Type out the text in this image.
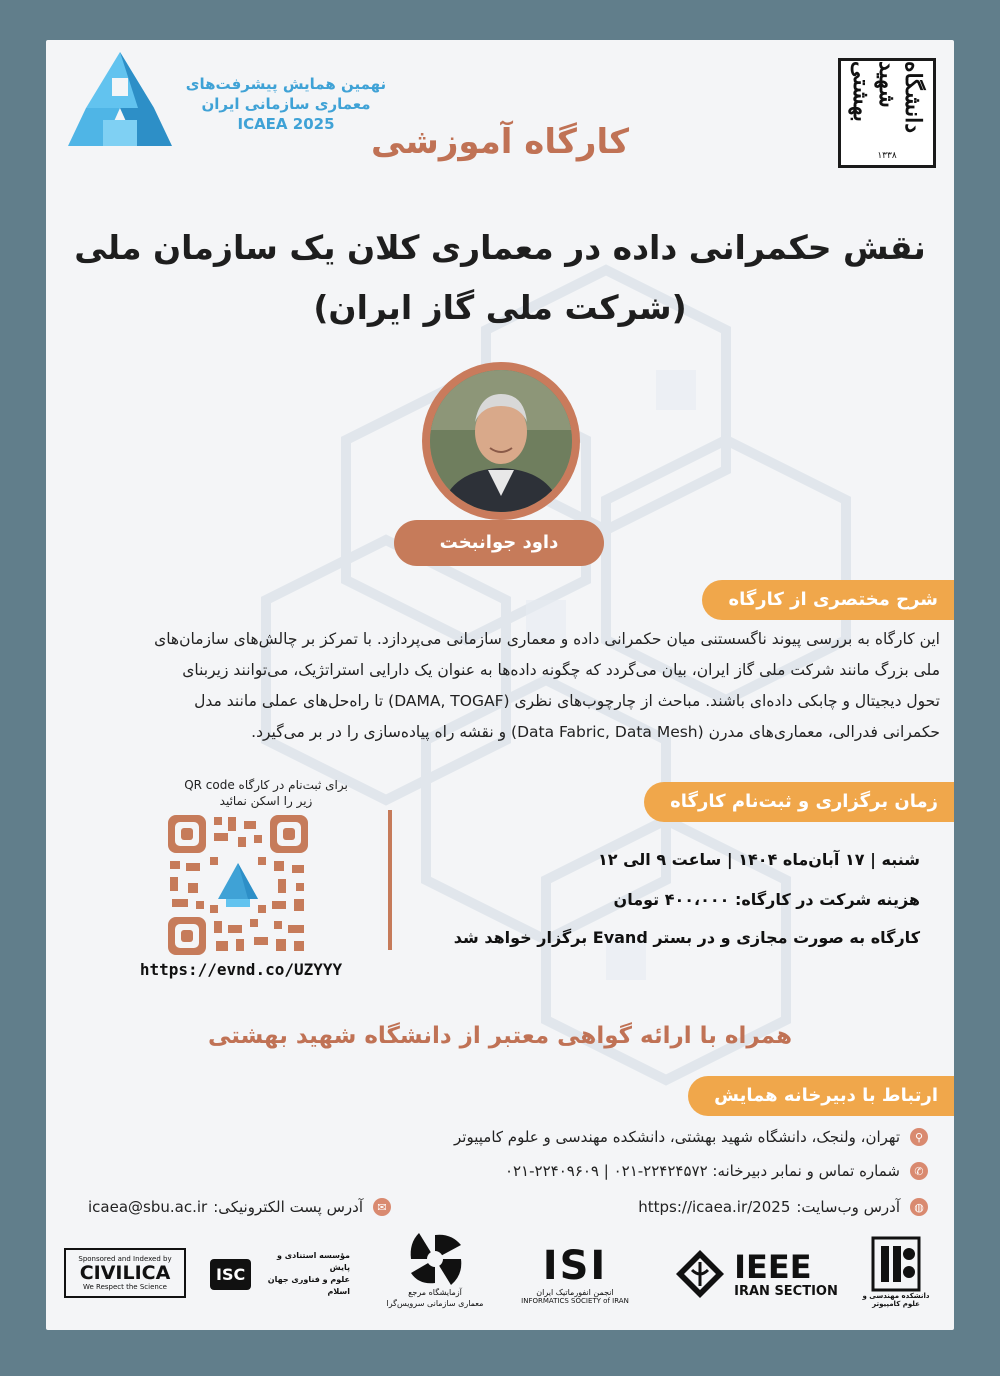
نهمین همایش پیشرفت‌های
معماری سازمانی ایران
ICAEA 2025	دانشگاه شهید بهشتی
۱۳۳۸
کارگاه آموزشی
نقش حکمرانی داده در معماری کلان یک سازمان ملی
(شرکت ملی گاز ایران)
داود جوانبخت
شرح مختصری از کارگاه
این کارگاه به بررسی پیوند ناگسستنی میان حکمرانی داده و معماری سازمانی می‌پردازد. با تمرکز بر چالش‌های سازمان‌های
ملی بزرگ مانند شرکت ملی گاز ایران، بیان می‌گردد که چگونه داده‌ها به عنوان یک دارایی استراتژیک، می‌توانند زیربنای
تحول دیجیتال و چابکی داده‌ای باشند. مباحث از چارچوب‌های نظری (DAMA, TOGAF) تا راه‌حل‌های عملی مانند مدل
حکمرانی فدرالی، معماری‌های مدرن (Data Fabric, Data Mesh) و نقشه راه پیاده‌سازی را در بر می‌گیرد.
زمان برگزاری و ثبت‌نام کارگاه
برای ثبت‌نام در کارگاه QR code
زیر را اسکن نمائید
https://evnd.co/UZYYY
شنبه | ۱۷ آبان‌ماه ۱۴۰۴ | ساعت ۹ الی ۱۲
هزینه شرکت در کارگاه: ۴۰۰،۰۰۰ تومان
کارگاه به صورت مجازی و در بستر Evand برگزار خواهد شد
همراه با ارائه گواهی معتبر از دانشگاه شهید بهشتی
ارتباط با دبیرخانه همایش
⚲
تهران، ولنجک، دانشگاه شهید بهشتی، دانشکده مهندسی و علوم کامپیوتر
✆
شماره تماس و نمابر دبیرخانه: ۲۲۴۲۴۵۷۲-۰۲۱ | ۲۲۴۰۹۶۰۹-۰۲۱
◍
آدرس وب‌سایت:
https://icaea.ir/2025
✉
آدرس پست الکترونیکی:
icaea@sbu.ac.ir
Sponsored and Indexed by
CIVILICA
We Respect the Science
ISC
مؤسسه استنادی و پایش
علوم و فناوری جهان اسلام	آزمایشگاه مرجع
معماری سازمانی سرویس‌گرا
ISI
انجمن انفورماتیک ایران
INFORMATICS SOCIETY of IRAN
IEEE
IRAN SECTION	دانشکده مهندسی و علوم کامپیوتر
